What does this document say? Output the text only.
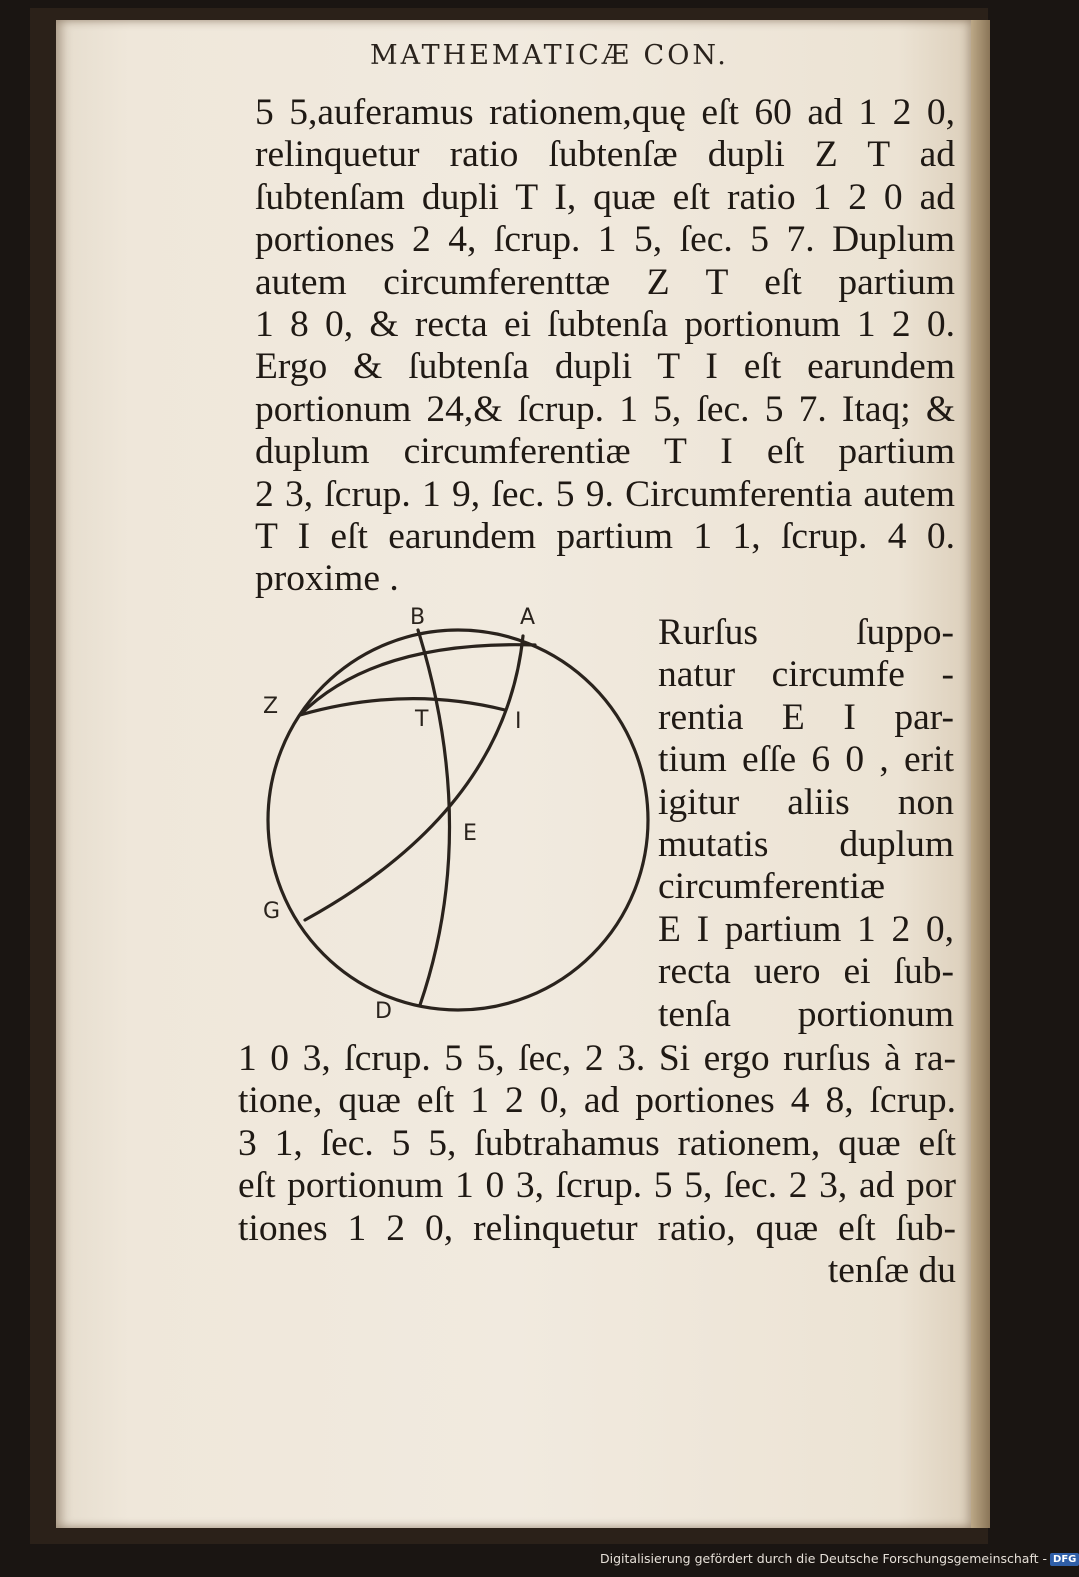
MATHEMATICÆ CON.
5 5,auferamus rationem,quę eſt 60 ad 1 2 0,
relinquetur ratio ſubtenſæ dupli Z T ad
ſubtenſam dupli T I, quæ eſt ratio 1 2 0 ad
portiones 2 4, ſcrup. 1 5, ſec. 5 7. Duplum
autem circumferenttæ Z T eſt partium
1 8 0, & recta ei ſubtenſa portionum 1 2 0.
Ergo & ſubtenſa dupli T I eſt earundem
portionum 24,& ſcrup. 1 5, ſec. 5 7. Itaq; &
duplum circumferentiæ T I eſt partium
2 3, ſcrup. 1 9, ſec. 5 9. Circumferentia autem
T I eſt earundem partium 1 1, ſcrup. 4 0.
proxime .
B	A
Z
T	I
E
G
D
Rurſus ſuppo-
natur circumfe -
rentia E I par-
tium eſſe 6 0 , erit
igitur aliis non
mutatis duplum
circumferentiæ
E I partium 1 2 0,
recta uero ei ſub-
tenſa portionum
1 0 3, ſcrup. 5 5, ſec, 2 3. Si ergo rurſus à ra-
tione, quæ eſt 1 2 0, ad portiones 4 8, ſcrup.
3 1, ſec. 5 5, ſubtrahamus rationem, quæ eſt
eſt portionum 1 0 3, ſcrup. 5 5, ſec. 2 3, ad por
tiones 1 2 0, relinquetur ratio, quæ eſt ſub-
tenſæ du
Digitalisierung gefördert durch die Deutsche Forschungsgemeinschaft - DFG
